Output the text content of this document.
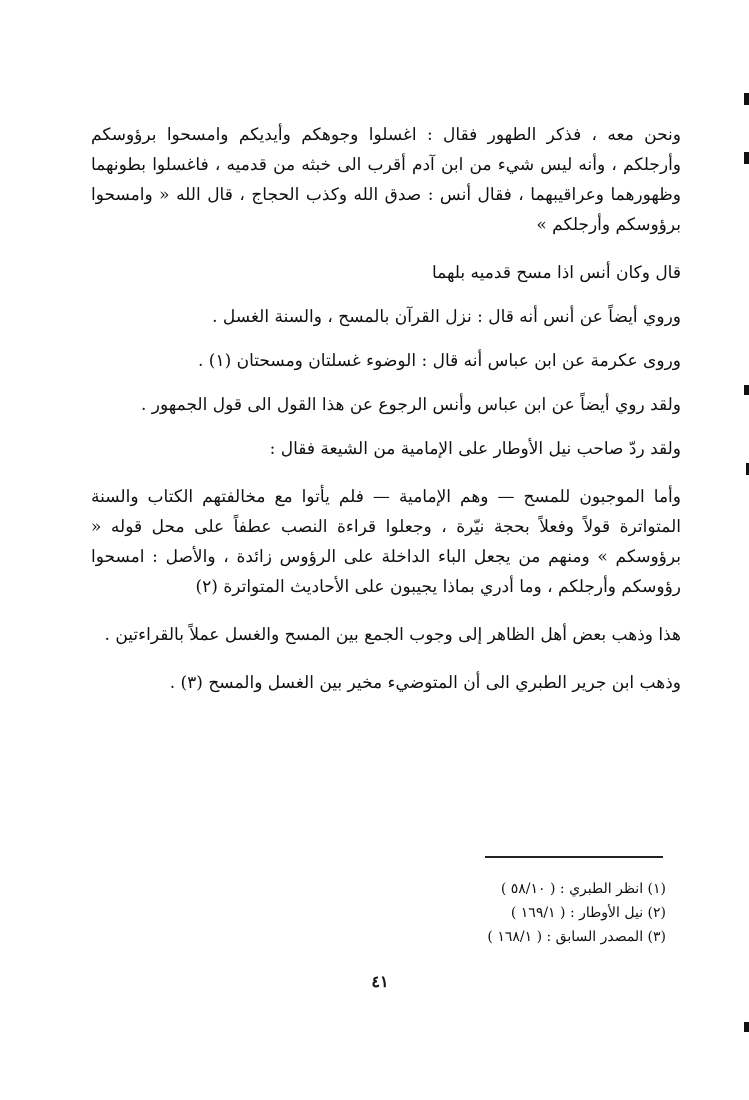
ونحن معه ، فذكر الطهور فقال : اغسلوا وجوهكم وأيديكم وامسحوا برؤوسكم وأرجلكم ، وأنه ليس شيء من ابن آدم أقرب الى خبثه من قدميه ، فاغسلوا بطونهما وظهورهما وعراقيبهما ، فقال أنس : صدق الله وكذب الحجاج ، قال الله « وامسحوا برؤوسكم وأرجلكم »

قال وكان أنس اذا مسح قدميه بلهما

وروي أيضاً عن أنس أنه قال : نزل القرآن بالمسح ، والسنة الغسل .

وروى عكرمة عن ابن عباس أنه قال : الوضوء غسلتان ومسحتان (١) .

ولقد روي أيضاً عن ابن عباس وأنس الرجوع عن هذا القول الى قول الجمهور .

ولقد ردّ صاحب نيل الأوطار على الإمامية من الشيعة فقال :

وأما الموجبون للمسح — وهم الإمامية — فلم يأتوا مع مخالفتهم الكتاب والسنة المتواترة قولاً وفعلاً بحجة نيّرة ، وجعلوا قراءة النصب عطفاً على محل قوله « برؤوسكم » ومنهم من يجعل الباء الداخلة على الرؤوس زائدة ، والأصل : امسحوا رؤوسكم وأرجلكم ، وما أدري بماذا يجيبون على الأحاديث المتواترة (٢)

هذا وذهب بعض أهل الظاهر إلى وجوب الجمع بين المسح والغسل عملاً بالقراءتين .

وذهب ابن جرير الطبري الى أن المتوضيء مخير بين الغسل والمسح (٣) .

(١) انظر الطبري : ( ٥٨/١٠ )
(٢) نيل الأوطار : ( ١٦٩/١ )
(٣) المصدر السابق : ( ١٦٨/١ )
٤١
